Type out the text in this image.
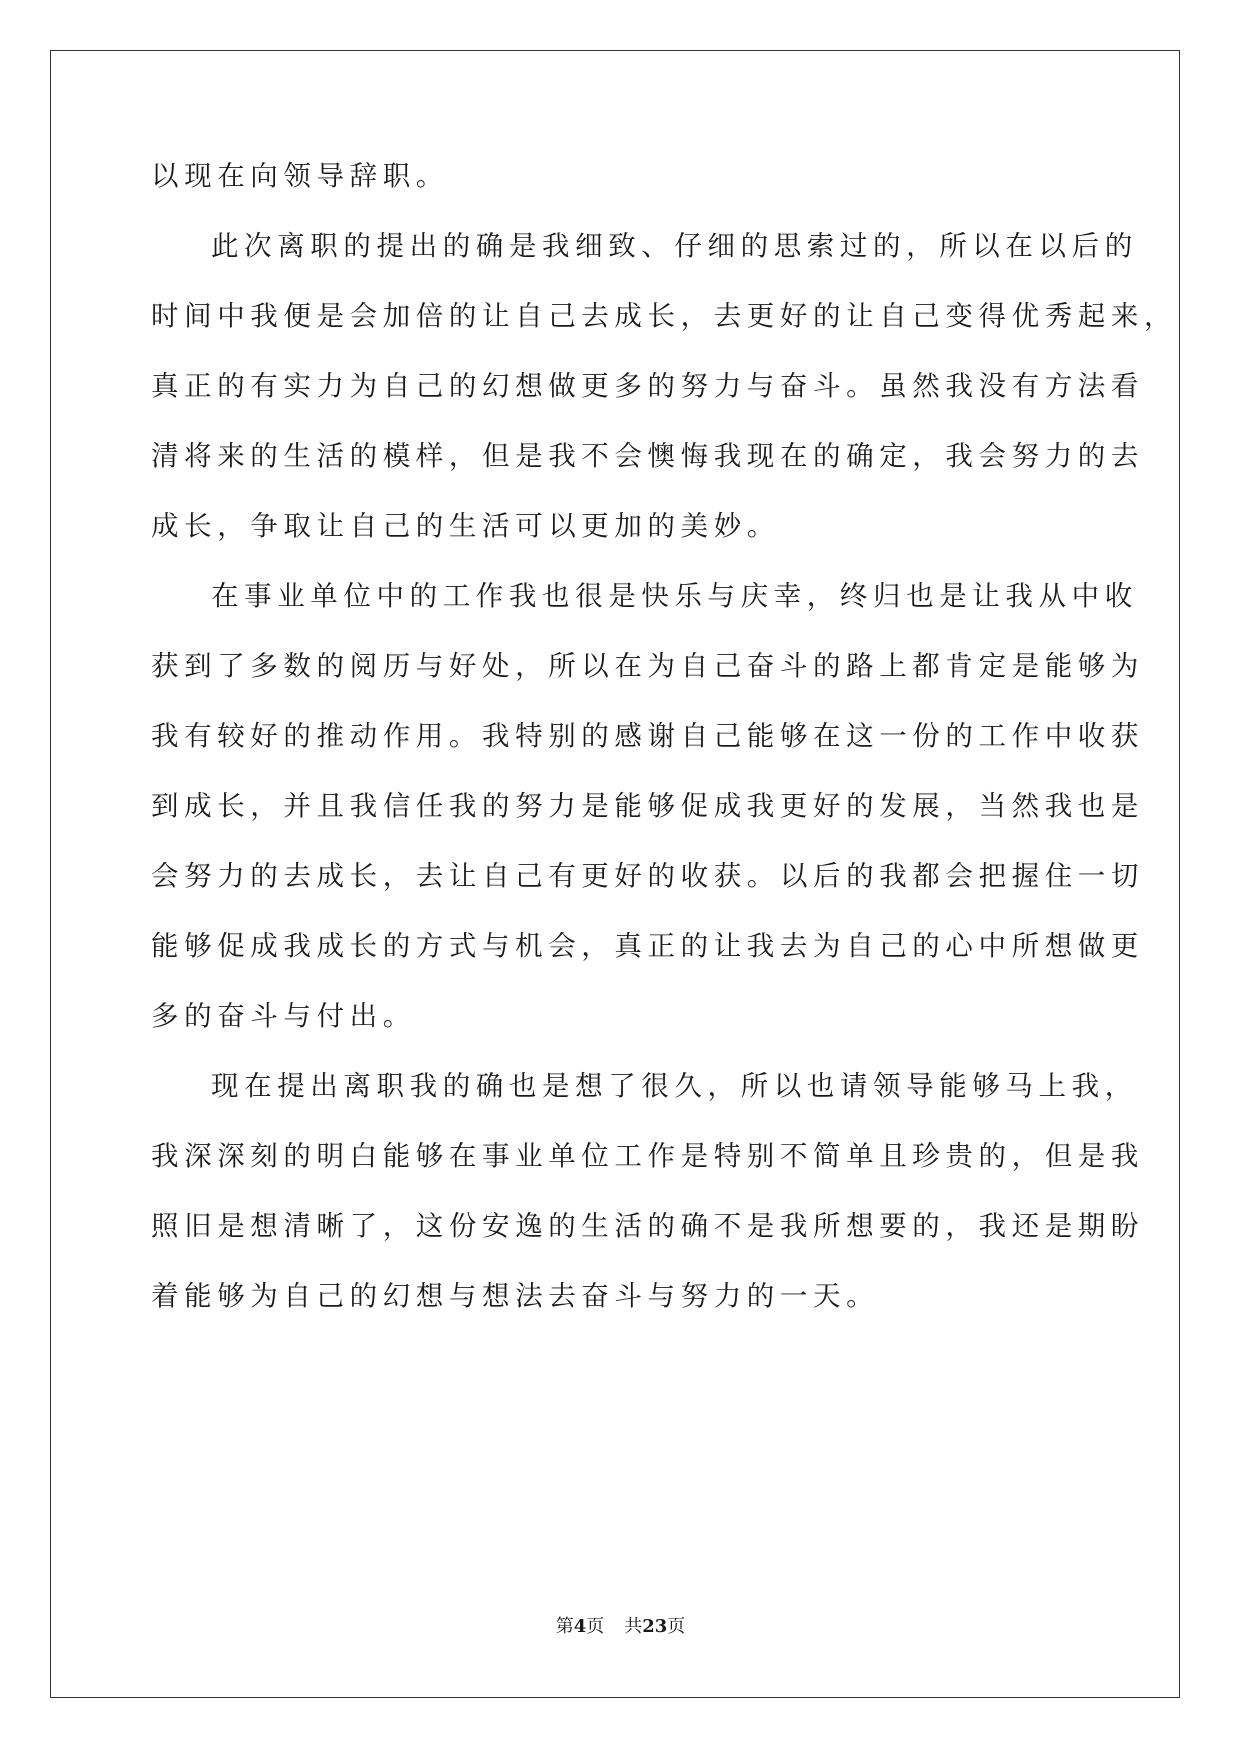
以现在向领导辞职。
此次离职的提出的确是我细致、仔细的思索过的，所以在以后的
时间中我便是会加倍的让自己去成长，去更好的让自己变得优秀起来，
真正的有实力为自己的幻想做更多的努力与奋斗。虽然我没有方法看
清将来的生活的模样，但是我不会懊悔我现在的确定，我会努力的去
成长，争取让自己的生活可以更加的美妙。
在事业单位中的工作我也很是快乐与庆幸，终归也是让我从中收
获到了多数的阅历与好处，所以在为自己奋斗的路上都肯定是能够为
我有较好的推动作用。我特别的感谢自己能够在这一份的工作中收获
到成长，并且我信任我的努力是能够促成我更好的发展，当然我也是
会努力的去成长，去让自己有更好的收获。以后的我都会把握住一切
能够促成我成长的方式与机会，真正的让我去为自己的心中所想做更
多的奋斗与付出。
现在提出离职我的确也是想了很久，所以也请领导能够马上我，
我深深刻的明白能够在事业单位工作是特别不简单且珍贵的，但是我
照旧是想清晰了，这份安逸的生活的确不是我所想要的，我还是期盼
着能够为自己的幻想与想法去奋斗与努力的一天。
第4页 共23页
